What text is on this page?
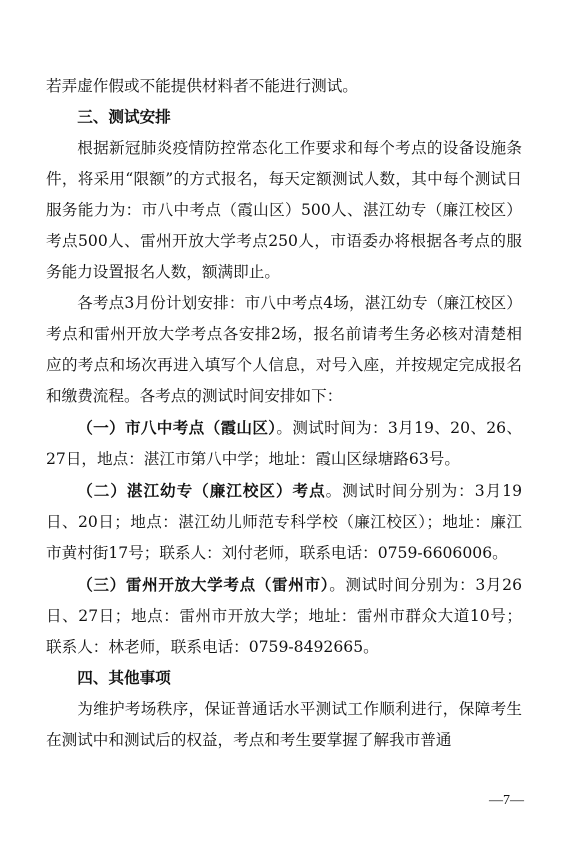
若弄虚作假或不能提供材料者不能进行测试。

三、测试安排

根据新冠肺炎疫情防控常态化工作要求和每个考点的设备设施条件，将采用“限额”的方式报名，每天定额测试人数，其中每个测试日服务能力为：市八中考点（霞山区）500人、湛江幼专（廉江校区）考点500人、雷州开放大学考点250人，市语委办将根据各考点的服务能力设置报名人数，额满即止。

各考点3月份计划安排：市八中考点4场，湛江幼专（廉江校区）考点和雷州开放大学考点各安排2场，报名前请考生务必核对清楚相应的考点和场次再进入填写个人信息，对号入座，并按规定完成报名和缴费流程。各考点的测试时间安排如下：

（一）市八中考点（霞山区）。测试时间为：3月19、20、26、27日，地点：湛江市第八中学；地址：霞山区绿塘路63号。

（二）湛江幼专（廉江校区）考点。测试时间分别为：3月19日、20日；地点：湛江幼儿师范专科学校（廉江校区）；地址：廉江市黄村街17号；联系人：刘付老师，联系电话：0759-6606006。

（三）雷州开放大学考点（雷州市）。测试时间分别为：3月26日、27日；地点：雷州市开放大学；地址：雷州市群众大道10号；联系人：林老师，联系电话：0759-8492665。

四、其他事项

为维护考场秩序，保证普通话水平测试工作顺利进行，保障考生在测试中和测试后的权益，考点和考生要掌握了解我市普通

—7—
